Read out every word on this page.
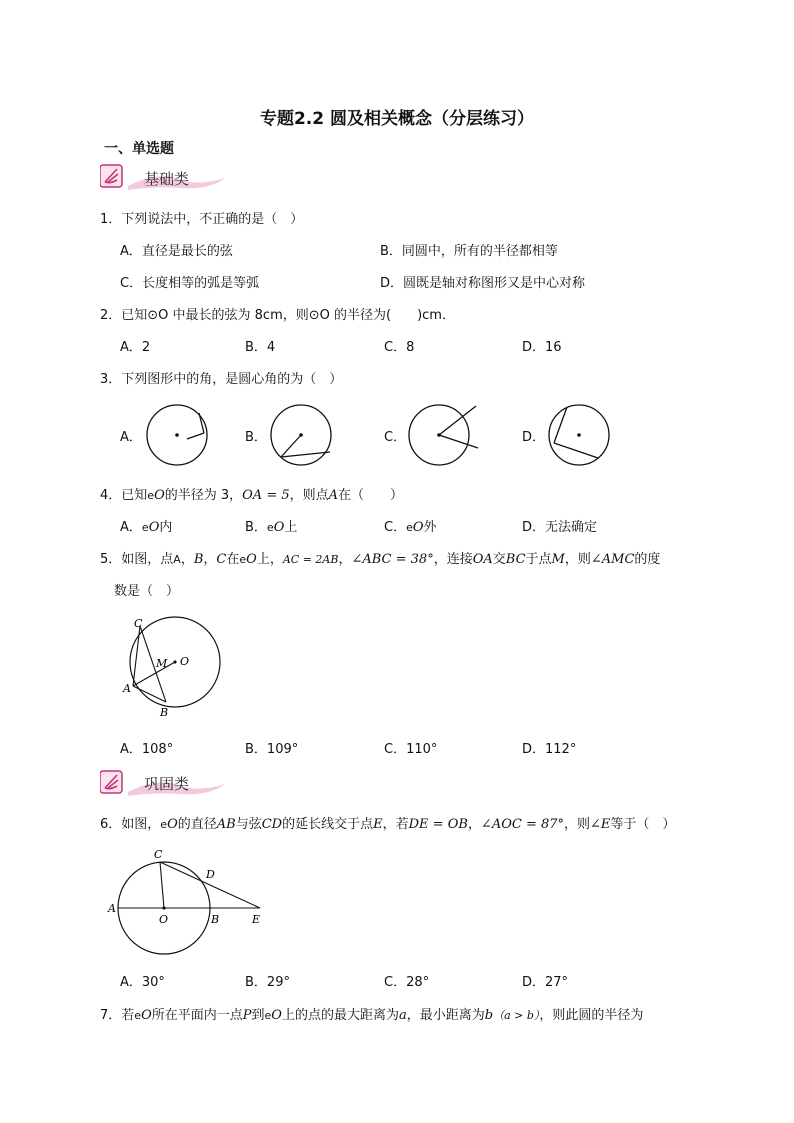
专题2.2 圆及相关概念（分层练习）
一、单选题
基础类
1．下列说法中，不正确的是（　）
A．直径是最长的弦	B．同圆中，所有的半径都相等
C．长度相等的弧是等弧	D．圆既是轴对称图形又是中心对称
2．已知⊙O 中最长的弦为 8cm，则⊙O 的半径为(　　)cm．
A．2	B．4	C．8	D．16
3．下列图形中的角，是圆心角的为（　）
A．	B．	C．	D．
4．已知eO的半径为 3，OA = 5，则点A在（　　）
A．eO内	B．eO上	C．eO外	D．无法确定
5．如图，点A，B，C在eO上，AC = 2AB，∠ABC = 38°，连接OA交BC于点M，则∠AMC的度
数是（　）
C
M O
A
B
A．108°	B．109°	C．110°	D．112°
巩固类
6．如图，eO的直径AB与弦CD的延长线交于点E，若DE = OB，∠AOC = 87°，则∠E等于（　）
C
D
A
O	B	E
A．30°	B．29°	C．28°	D．27°
7．若eO所在平面内一点P到eO上的点的最大距离为a，最小距离为b（a > b），则此圆的半径为
